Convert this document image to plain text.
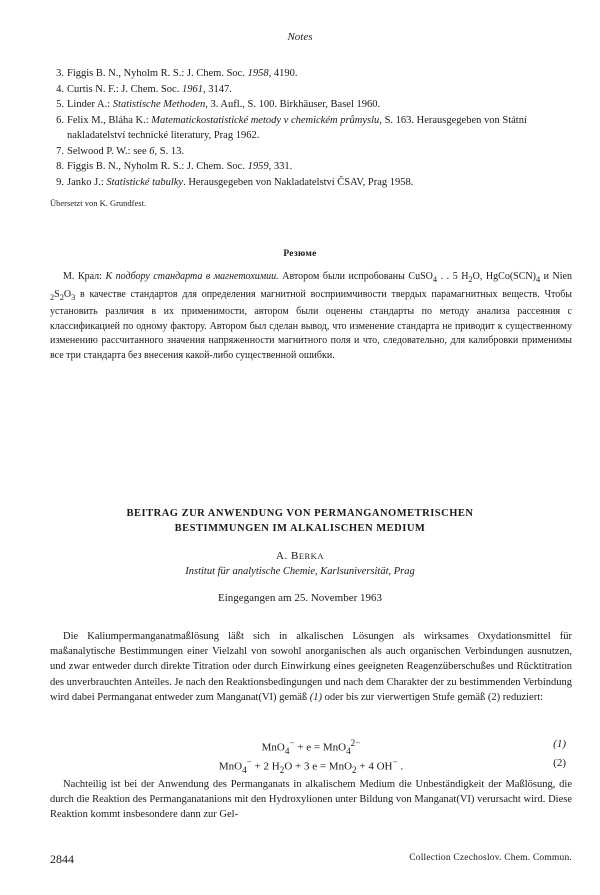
Notes
3. Figgis B. N., Nyholm R. S.: J. Chem. Soc. 1958, 4190.
4. Curtis N. F.: J. Chem. Soc. 1961, 3147.
5. Linder A.: Statistische Methoden, 3. Aufl., S. 100. Birkhäuser, Basel 1960.
6. Felix M., Bláha K.: Matematickostatistické metody v chemickém průmyslu, S. 163. Herausgegeben von Státní nakladatelství technické literatury, Prag 1962.
7. Selwood P. W.: see 6, S. 13.
8. Figgis B. N., Nyholm R. S.: J. Chem. Soc. 1959, 331.
9. Janko J.: Statistické tabulky. Herausgegeben von Nakladatelství ČSAV, Prag 1958.
Übersetzt von K. Grundfest.
Резюме

М. Крал: К подбору стандарта в магнетохимии. Автором были испробованы CuSO$_4$ . . 5 $H_2O$, $HgCo(SCN)_4$ и Nien $_2S_2O_3$ в качестве стандартов для определения магнитной восприимчивости твердых парамагнитных веществ. Чтобы установить различия в их применимости, автором были оценены стандарты по методу анализа рассеяния с классификацией по одному фактору. Автором был сделан вывод, что изменение стандарта не приводит к существенному изменению рассчитанного значения напряженности магнитного поля и что, следовательно, для калибровки применимы все три стандарта без внесения какой-либо существенной ошибки.

BEITRAG ZUR ANWENDUNG VON PERMANGANOMETRISCHEN
BESTIMMUNGEN IM ALKALISCHEN MEDIUM
A. BERKA
Institut für analytische Chemie, Karlsuniversität, Prag
Eingegangen am 25. November 1963

Die Kaliumpermanganatmaßlösung läßt sich in alkalischen Lösungen als wirksames Oxydationsmittel für maßanalytische Bestimmungen einer Vielzahl von sowohl anorganischen als auch organischen Verbindungen ausnutzen, und zwar entweder durch direkte Titration oder durch Einwirkung eines geeigneten Reagenzüberschußes und Rücktitration des unverbrauchten Anteiles. Je nach den Reaktionsbedingungen und nach dem Charakter der zu bestimmenden Verbindung wird dabei Permanganat entweder zum Manganat(VI) gemäß (1) oder bis zur vierwertigen Stufe gemäß (2) reduziert:

MnO$_4$− + e = MnO$_4^{2-}$	(1)
MnO$_4$− + 2 $H_2O + 3$ e = MnO$_2$ + 4 OH− .	(2)

Nachteilig ist bei der Anwendung des Permanganats in alkalischem Medium die Unbeständigkeit der Maßlösung, die durch die Reaktion des Permanganatanions mit den Hydroxylionen unter Bildung von Manganat(VI) verursacht wird. Diese Reaktion kommt insbesondere dann zur Gel-

2844	Collection Czechoslov. Chem. Commun.
